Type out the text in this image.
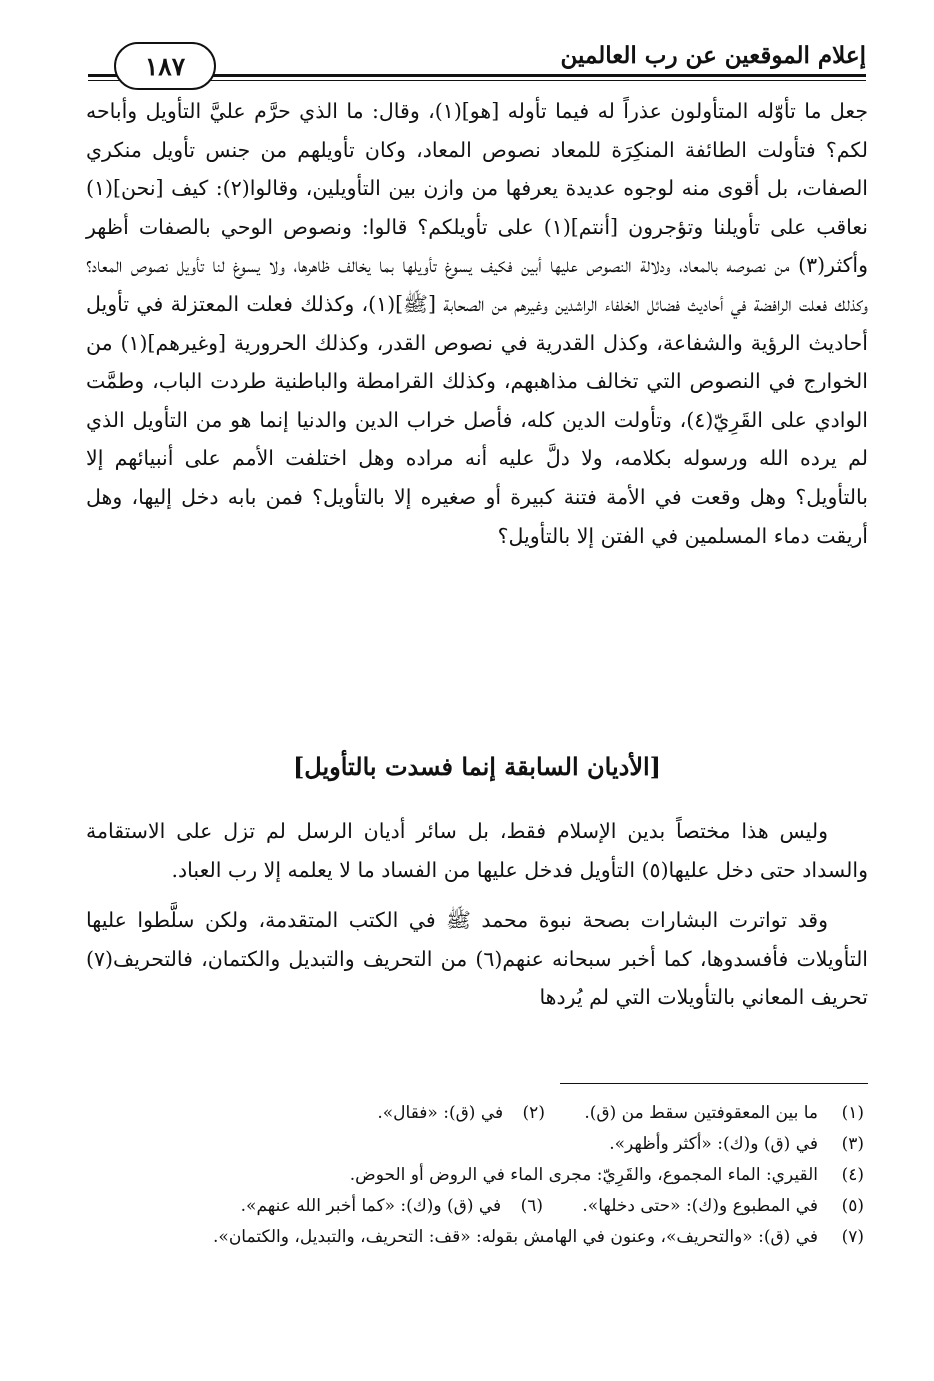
إعلام الموقعين عن رب العالمين
١٨٧

جعل ما تأوّله المتأولون عذراً له فيما تأوله [هو](١)، وقال: ما الذي حرَّم عليَّ التأويل وأباحه لكم؟ فتأولت الطائفة المنكِرَة للمعاد نصوص المعاد، وكان تأويلهم من جنس تأويل منكري الصفات، بل أقوى منه لوجوه عديدة يعرفها من وازن بين التأويلين، وقالوا(٢): كيف [نحن](١) نعاقب على تأويلنا وتؤجرون [أنتم](١) على تأويلكم؟ قالوا: ونصوص الوحي بالصفات أظهر وأكثر(٣) من نصوصه بالمعاد، ودلالة النصوص عليها أبين فكيف يسوغ تأويلها بما يخالف ظاهرها، ولا يسوغ لنا تأويل نصوص المعاد؟ وكذلك فعلت الرافضة في أحاديث فضائل الخلفاء الراشدين وغيرهم من الصحابة [ﷺ](١)، وكذلك فعلت المعتزلة في تأويل أحاديث الرؤية والشفاعة، وكذل القدرية في نصوص القدر، وكذلك الحرورية [وغيرهم](١) من الخوارج في النصوص التي تخالف مذاهبهم، وكذلك القرامطة والباطنية طردت الباب، وطمَّت الوادي على القَرِيّ(٤)، وتأولت الدين كله، فأصل خراب الدين والدنيا إنما هو من التأويل الذي لم يرده الله ورسوله بكلامه، ولا دلَّ عليه أنه مراده وهل اختلفت الأمم على أنبيائهم إلا بالتأويل؟ وهل وقعت في الأمة فتنة كبيرة أو صغيره إلا بالتأويل؟ فمن بابه دخل إليها، وهل أريقت دماء المسلمين في الفتن إلا بالتأويل؟

[الأديان السابقة إنما فسدت بالتأويل]

وليس هذا مختصاً بدين الإسلام فقط، بل سائر أديان الرسل لم تزل على الاستقامة والسداد حتى دخل عليها(٥) التأويل فدخل عليها من الفساد ما لا يعلمه إلا رب العباد.

وقد تواترت البشارات بصحة نبوة محمد ﷺ في الكتب المتقدمة، ولكن سلَّطوا عليها التأويلات فأفسدوها، كما أخبر سبحانه عنهم(٦) من التحريف والتبديل والكتمان، فالتحريف(٧) تحريف المعاني بالتأويلات التي لم يُردها

(١)
ما بين المعقوفتين سقط من (ق). (٢) في (ق): «فقال».
(٣)
في (ق) و(ك): «أكثر وأظهر».
(٤)
القيري: الماء المجموع، والقَرِيّ: مجرى الماء في الروض أو الحوض.
(٥)
في المطبوع و(ك): «حتى دخلها». (٦) في (ق) و(ك): «كما أخبر الله عنهم».
(٧)
في (ق): «والتحريف»، وعنون في الهامش بقوله: «قف: التحريف، والتبديل، والكتمان».
